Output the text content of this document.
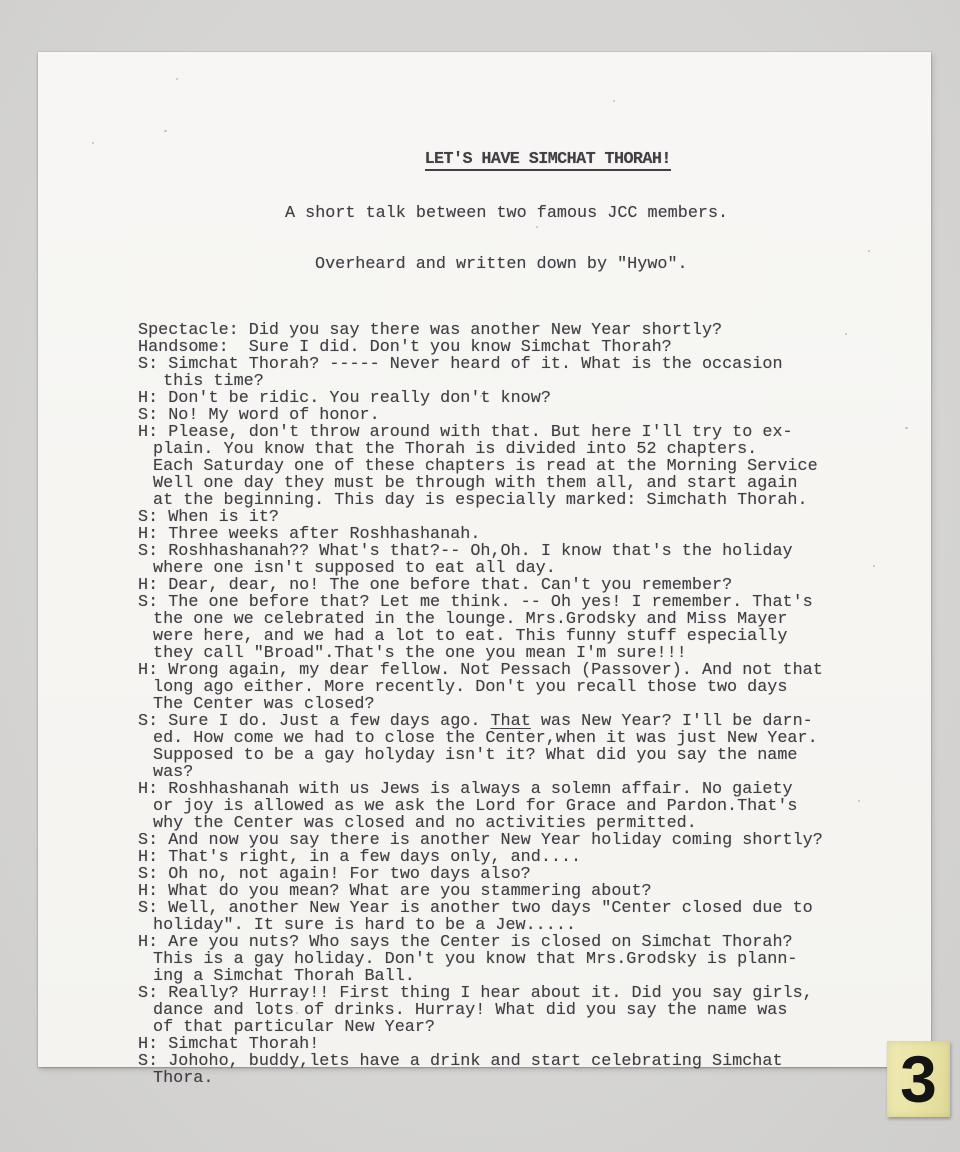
LET'S HAVE SIMCHAT THORAH!

A short talk between two famous JCC members.

Overheard and written down by "Hywo".

Spectacle: Did you say there was another New Year shortly?
Handsome:  Sure I did. Don't you know Simchat Thorah?
S: Simchat Thorah? ----- Never heard of it. What is the occasion
this time?
H: Don't be ridic. You really don't know?
S: No! My word of honor.
H: Please, don't throw around with that. But here I'll try to ex-
plain. You know that the Thorah is divided into 52 chapters.
Each Saturday one of these chapters is read at the Morning Service
Well one day they must be through with them all, and start again
at the beginning. This day is especially marked: Simchath Thorah.
S: When is it?
H: Three weeks after Roshhashanah.
S: Roshhashanah?? What's that?-- Oh,Oh. I know that's the holiday
where one isn't supposed to eat all day.
H: Dear, dear, no! The one before that. Can't you remember?
S: The one before that? Let me think. -- Oh yes! I remember. That's
the one we celebrated in the lounge. Mrs.Grodsky and Miss Mayer
were here, and we had a lot to eat. This funny stuff especially
they call "Broad".That's the one you mean I'm sure!!!
H: Wrong again, my dear fellow. Not Pessach (Passover). And not that
long ago either. More recently. Don't you recall those two days
The Center was closed?
S: Sure I do. Just a few days ago. That was New Year? I'll be darn-
ed. How come we had to close the Center,when it was just New Year.
Supposed to be a gay holyday isn't it? What did you say the name
was?
H: Roshhashanah with us Jews is always a solemn affair. No gaiety
or joy is allowed as we ask the Lord for Grace and Pardon.That's
why the Center was closed and no activities permitted.
S: And now you say there is another New Year holiday coming shortly?
H: That's right, in a few days only, and....
S: Oh no, not again! For two days also?
H: What do you mean? What are you stammering about?
S: Well, another New Year is another two days "Center closed due to
holiday". It sure is hard to be a Jew.....
H: Are you nuts? Who says the Center is closed on Simchat Thorah?
This is a gay holiday. Don't you know that Mrs.Grodsky is plann-
ing a Simchat Thorah Ball.
S: Really? Hurray!! First thing I hear about it. Did you say girls,
dance and lots of drinks. Hurray! What did you say the name was
of that particular New Year?
H: Simchat Thorah!
S: Johoho, buddy,lets have a drink and start celebrating Simchat
Thora.

	3
